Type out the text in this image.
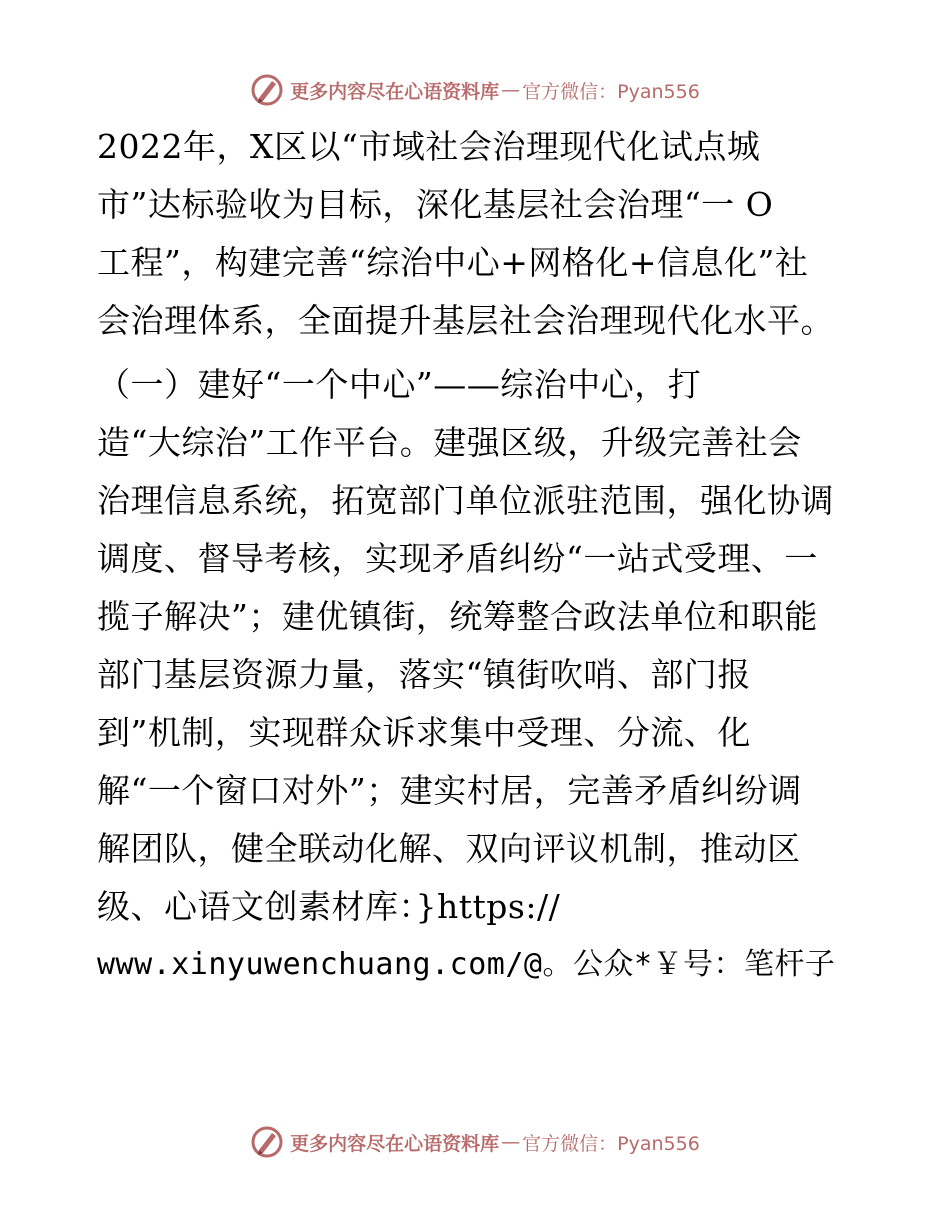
更多内容尽在心语资料库 — 官方微信：Pyan556
2022年，X区以“市域社会治理现代化试点城
市”达标验收为目标，深化基层社会治理“一 O
工程”，构建完善“综治中心+网格化+信息化”社
会治理体系，全面提升基层社会治理现代化水平。
（一）建好“一个中心”——综治中心，打
造“大综治”工作平台。建强区级，升级完善社会
治理信息系统，拓宽部门单位派驻范围，强化协调
调度、督导考核，实现矛盾纠纷“一站式受理、一
揽子解决”；建优镇街，统筹整合政法单位和职能
部门基层资源力量，落实“镇街吹哨、部门报
到”机制，实现群众诉求集中受理、分流、化
解“一个窗口对外”；建实村居，完善矛盾纠纷调
解团队，健全联动化解、双向评议机制，推动区
级、心语文创素材库：}https://
www.xinyuwenchuang.com/@。公众*￥号：笔杆子
更多内容尽在心语资料库 — 官方微信：Pyan556
